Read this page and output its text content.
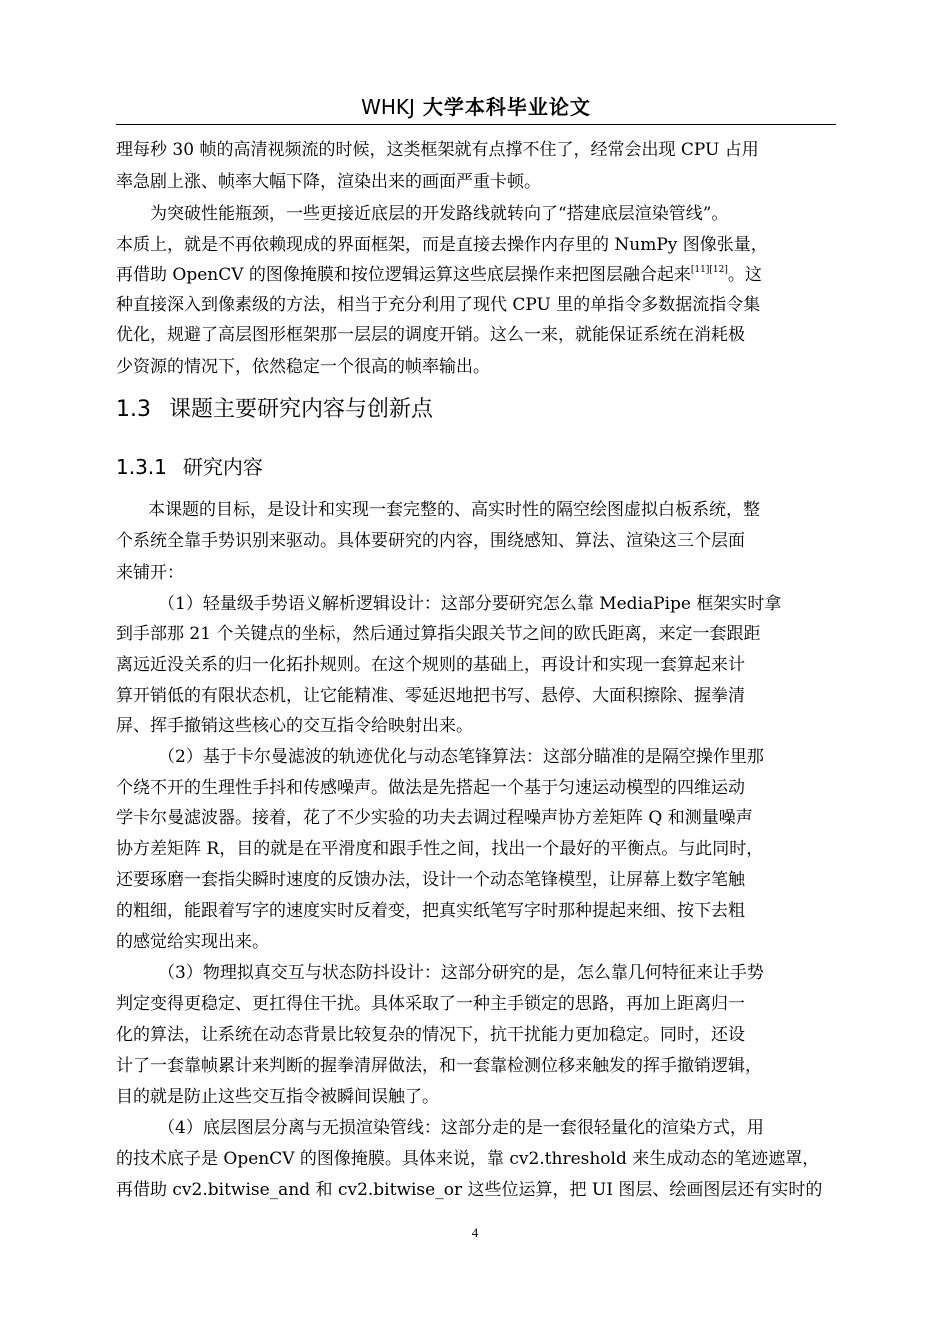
WHKJ 大学本科毕业论文
理每秒 30 帧的高清视频流的时候，这类框架就有点撑不住了，经常会出现 CPU 占用
率急剧上涨、帧率大幅下降，渲染出来的画面严重卡顿。
为突破性能瓶颈，一些更接近底层的开发路线就转向了“搭建底层渲染管线”。
本质上，就是不再依赖现成的界面框架，而是直接去操作内存里的 NumPy 图像张量，
再借助 OpenCV 的图像掩膜和按位逻辑运算这些底层操作来把图层融合起来[11][12]。这
种直接深入到像素级的方法，相当于充分利用了现代 CPU 里的单指令多数据流指令集
优化，规避了高层图形框架那一层层的调度开销。这么一来，就能保证系统在消耗极
少资源的情况下，依然稳定一个很高的帧率输出。
1.3 课题主要研究内容与创新点
1.3.1 研究内容
本课题的目标，是设计和实现一套完整的、高实时性的隔空绘图虚拟白板系统，整
个系统全靠手势识别来驱动。具体要研究的内容，围绕感知、算法、渲染这三个层面
来铺开：
（1）轻量级手势语义解析逻辑设计：这部分要研究怎么靠 MediaPipe 框架实时拿
到手部那 21 个关键点的坐标，然后通过算指尖跟关节之间的欧氏距离，来定一套跟距
离远近没关系的归一化拓扑规则。在这个规则的基础上，再设计和实现一套算起来计
算开销低的有限状态机，让它能精准、零延迟地把书写、悬停、大面积擦除、握拳清
屏、挥手撤销这些核心的交互指令给映射出来。
（2）基于卡尔曼滤波的轨迹优化与动态笔锋算法：这部分瞄准的是隔空操作里那
个绕不开的生理性手抖和传感噪声。做法是先搭起一个基于匀速运动模型的四维运动
学卡尔曼滤波器。接着，花了不少实验的功夫去调过程噪声协方差矩阵 Q 和测量噪声
协方差矩阵 R，目的就是在平滑度和跟手性之间，找出一个最好的平衡点。与此同时，
还要琢磨一套指尖瞬时速度的反馈办法，设计一个动态笔锋模型，让屏幕上数字笔触
的粗细，能跟着写字的速度实时反着变，把真实纸笔写字时那种提起来细、按下去粗
的感觉给实现出来。
（3）物理拟真交互与状态防抖设计：这部分研究的是，怎么靠几何特征来让手势
判定变得更稳定、更扛得住干扰。具体采取了一种主手锁定的思路，再加上距离归一
化的算法，让系统在动态背景比较复杂的情况下，抗干扰能力更加稳定。同时，还设
计了一套靠帧累计来判断的握拳清屏做法，和一套靠检测位移来触发的挥手撤销逻辑，
目的就是防止这些交互指令被瞬间误触了。
（4）底层图层分离与无损渲染管线：这部分走的是一套很轻量化的渲染方式，用
的技术底子是 OpenCV 的图像掩膜。具体来说，靠 cv2.threshold 来生成动态的笔迹遮罩，
再借助 cv2.bitwise_and 和 cv2.bitwise_or 这些位运算，把 UI 图层、绘画图层还有实时的
4
